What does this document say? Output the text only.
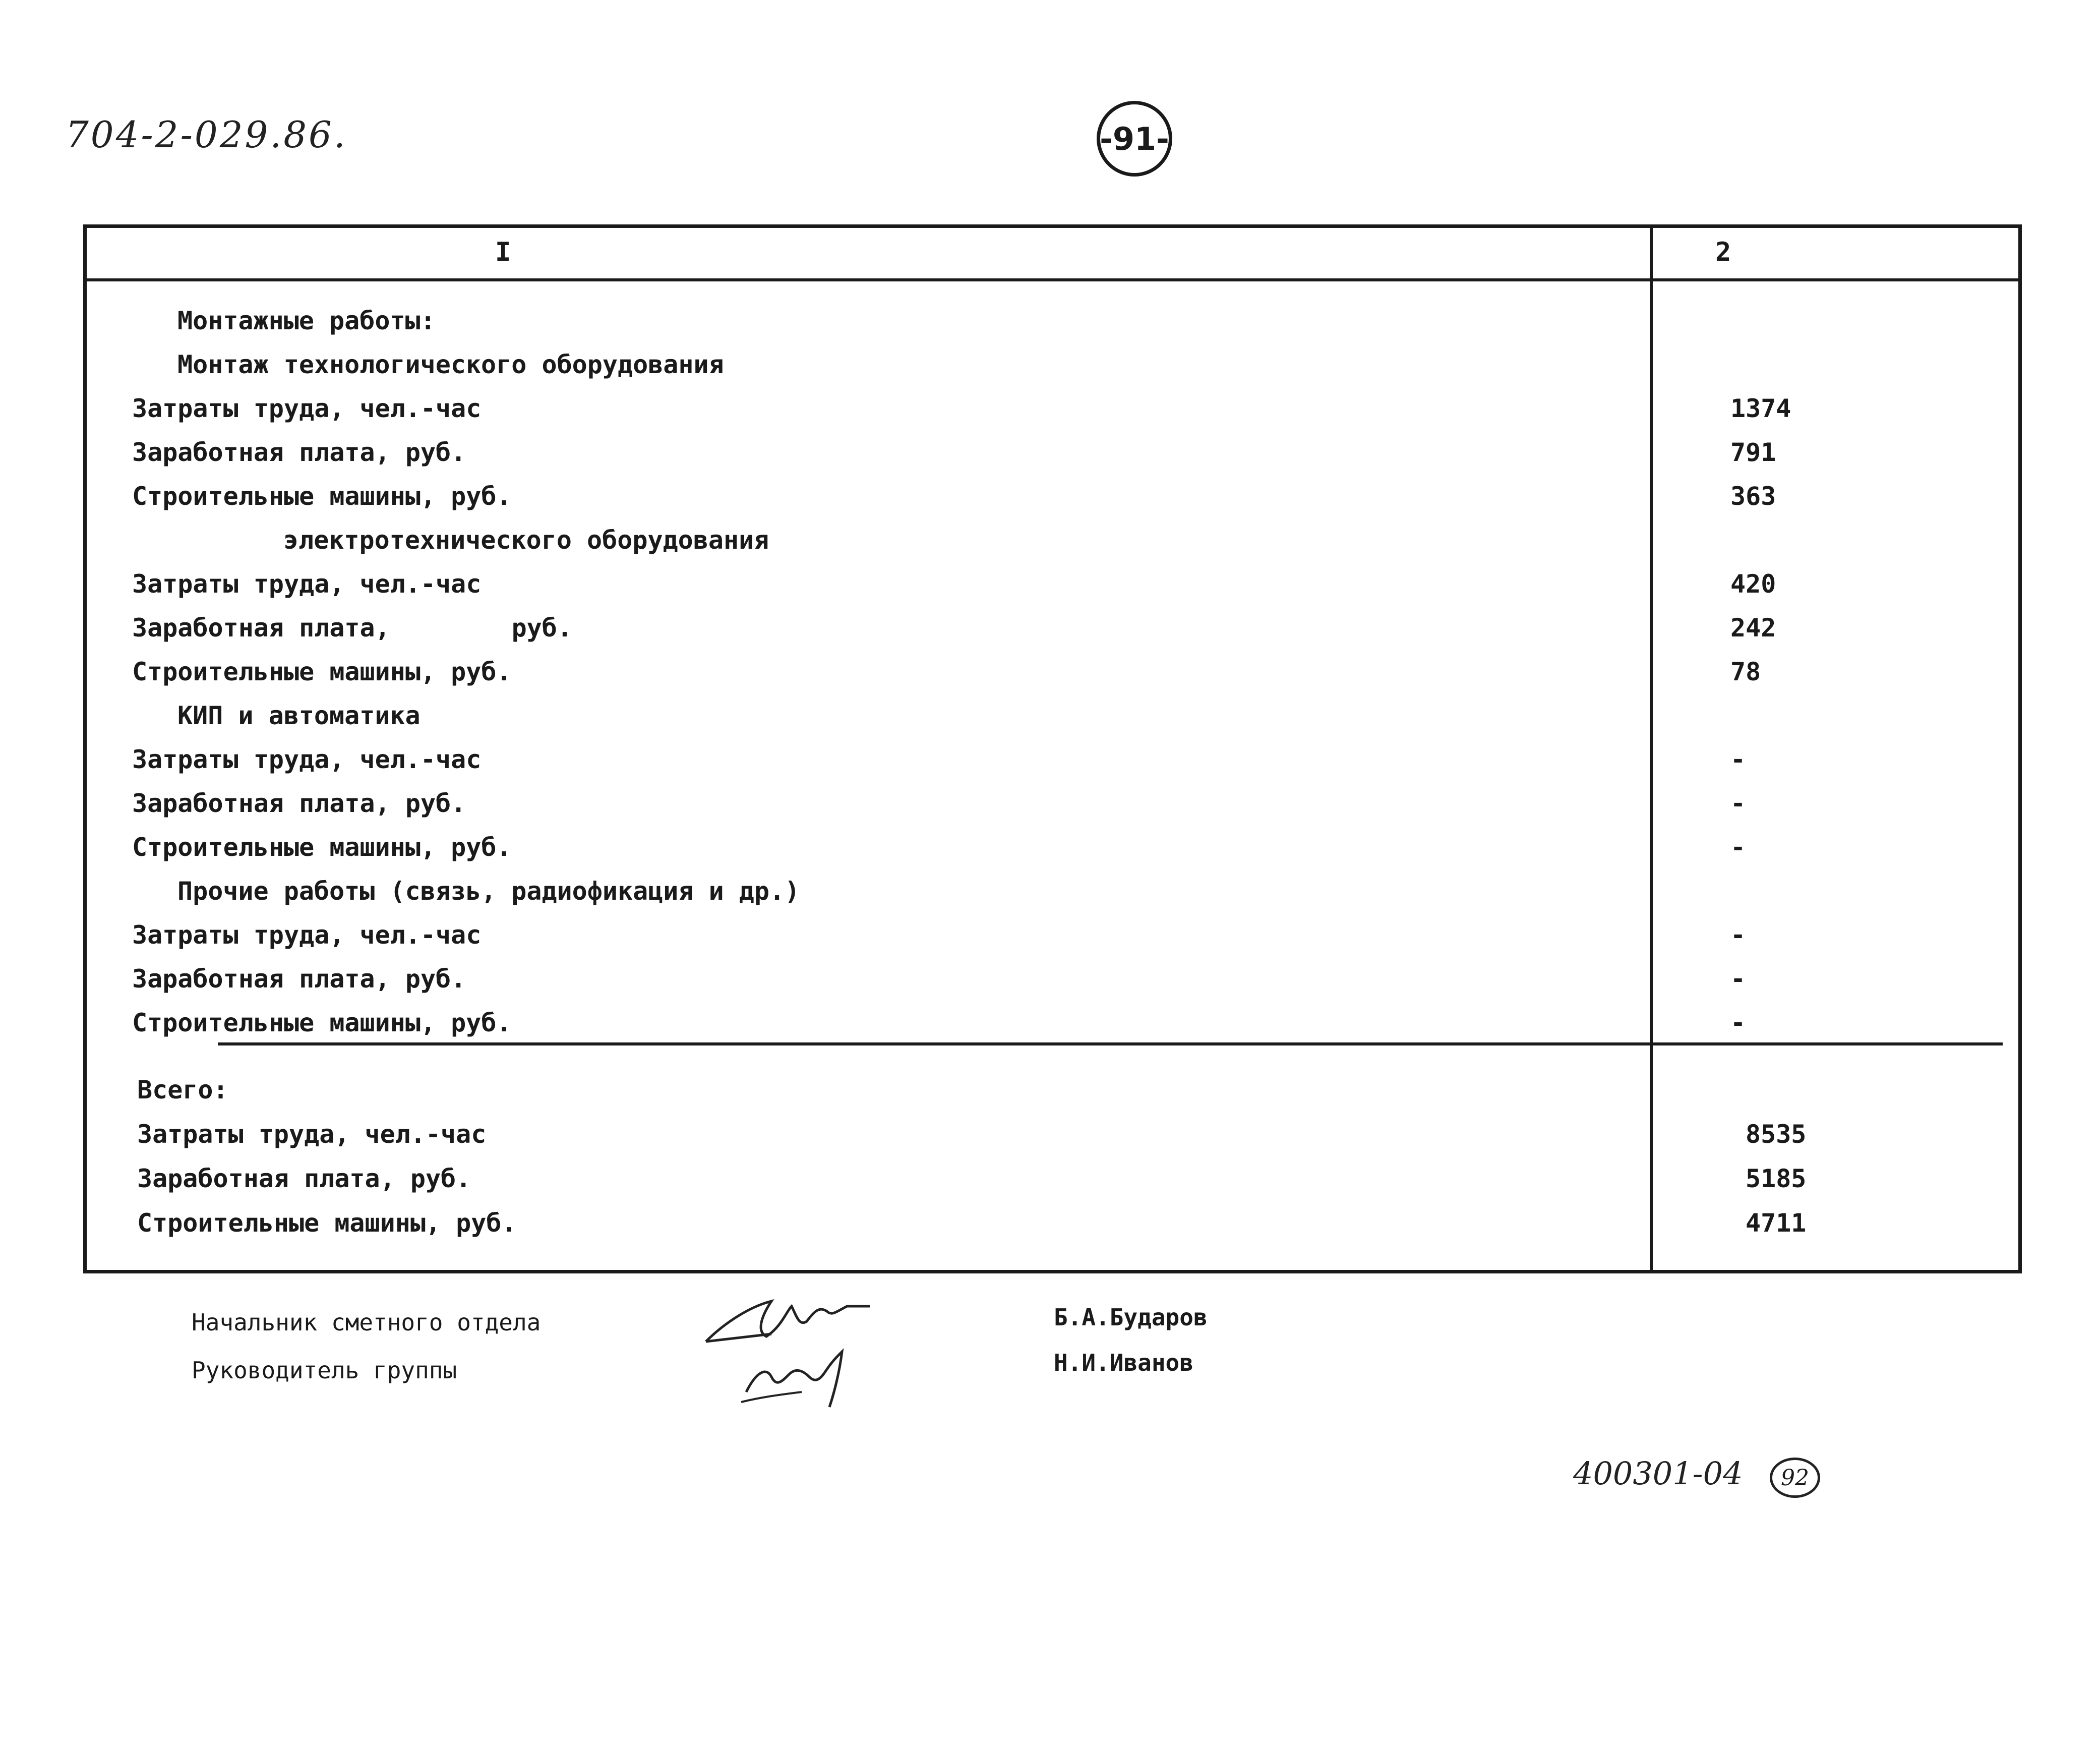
704-2-029.86.	-91-
I	2
Монтажные работы:
Монтаж технологического оборудования
Затраты труда, чел.-час	1374
Заработная плата, руб.	791
Строительные машины, руб.	363
электротехнического оборудования
Затраты труда, чел.-час	420
Заработная плата,        руб.	242
Строительные машины, руб.	78
КИП и автоматика
Затраты труда, чел.-час	-
Заработная плата, руб.	-
Строительные машины, руб.	-
Прочие работы (связь, радиофикация и др.)
Затраты труда, чел.-час	-
Заработная плата, руб.	-
Строительные машины, руб.	-
Всего:
Затраты труда, чел.-час	8535
Заработная плата, руб.	5185
Строительные машины, руб.	4711
Начальник сметного отдела	Б.А.Бударов
Руководитель группы	Н.И.Иванов
400301-04	92
